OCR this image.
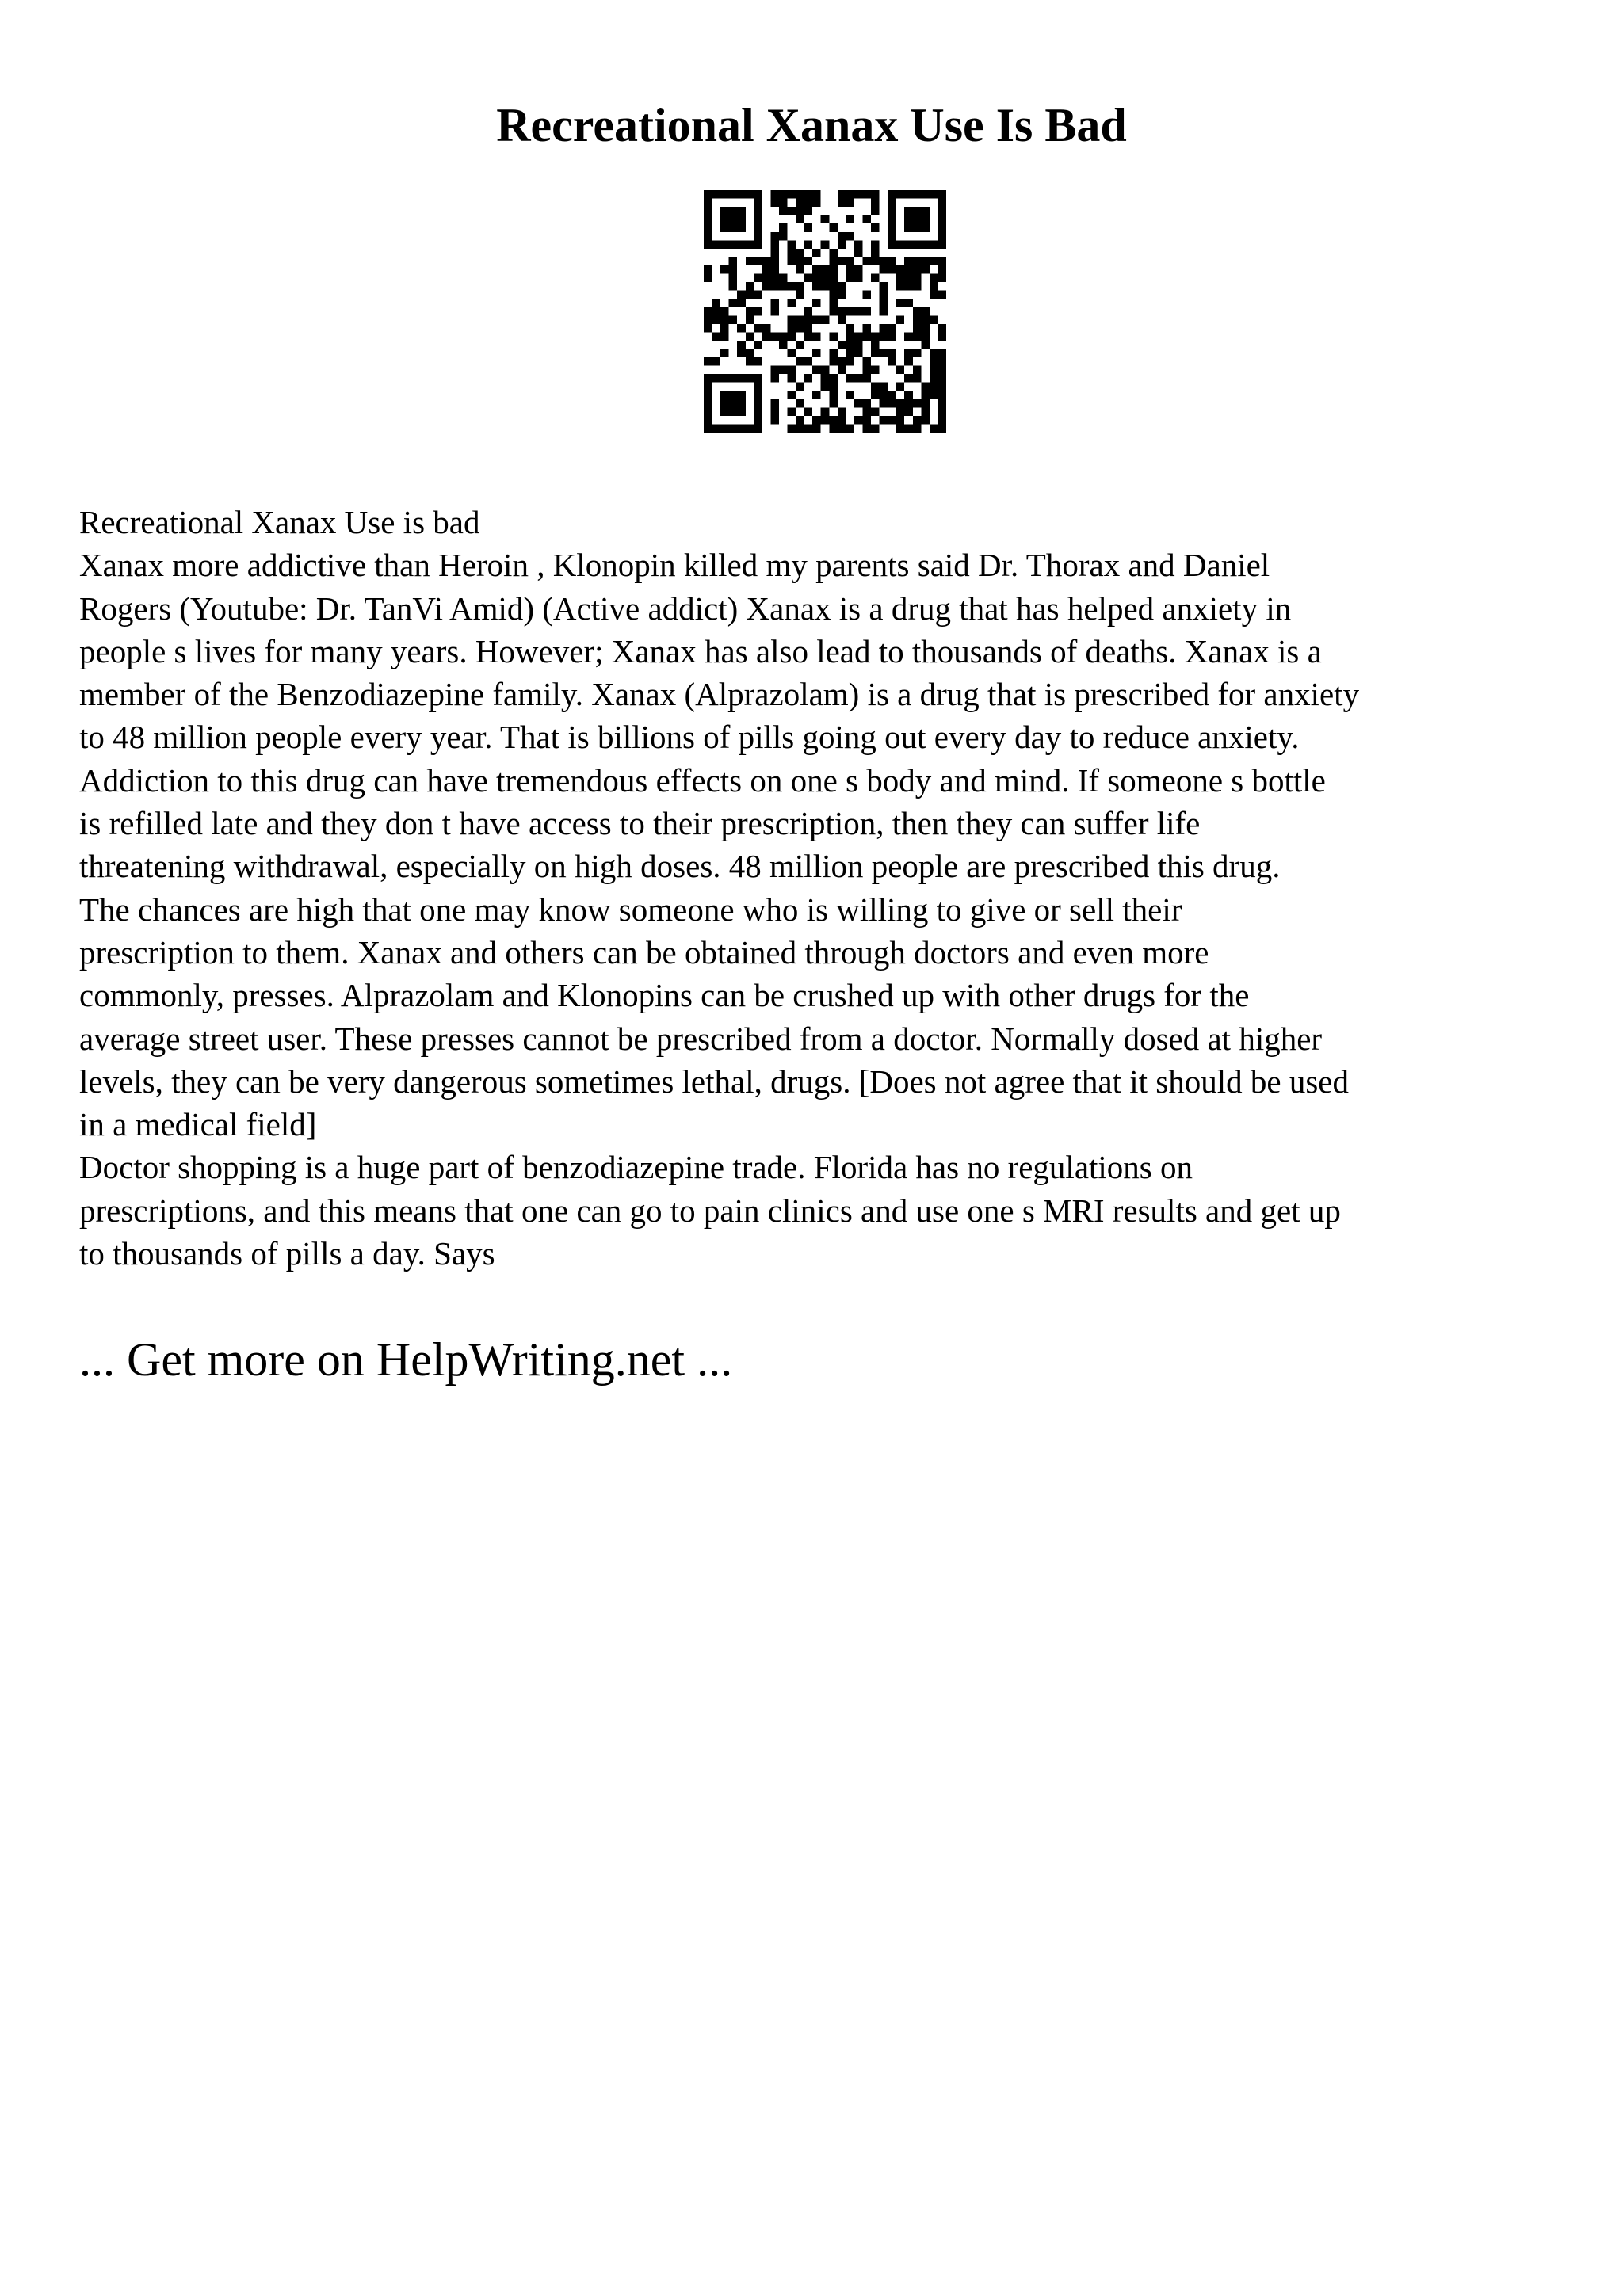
Recreational Xanax Use Is Bad
Recreational Xanax Use is bad
Xanax more addictive than Heroin , Klonopin killed my parents said Dr. Thorax and Daniel
Rogers (Youtube: Dr. TanVi Amid) (Active addict) Xanax is a drug that has helped anxiety in
people s lives for many years. However; Xanax has also lead to thousands of deaths. Xanax is a
member of the Benzodiazepine family. Xanax (Alprazolam) is a drug that is prescribed for anxiety
to 48 million people every year. That is billions of pills going out every day to reduce anxiety.
Addiction to this drug can have tremendous effects on one s body and mind. If someone s bottle
is refilled late and they don t have access to their prescription, then they can suffer life
threatening withdrawal, especially on high doses. 48 million people are prescribed this drug.
The chances are high that one may know someone who is willing to give or sell their
prescription to them. Xanax and others can be obtained through doctors and even more
commonly, presses. Alprazolam and Klonopins can be crushed up with other drugs for the
average street user. These presses cannot be prescribed from a doctor. Normally dosed at higher
levels, they can be very dangerous sometimes lethal, drugs. [Does not agree that it should be used
in a medical field]
Doctor shopping is a huge part of benzodiazepine trade. Florida has no regulations on
prescriptions, and this means that one can go to pain clinics and use one s MRI results and get up
to thousands of pills a day. Says

... Get more on HelpWriting.net ...
